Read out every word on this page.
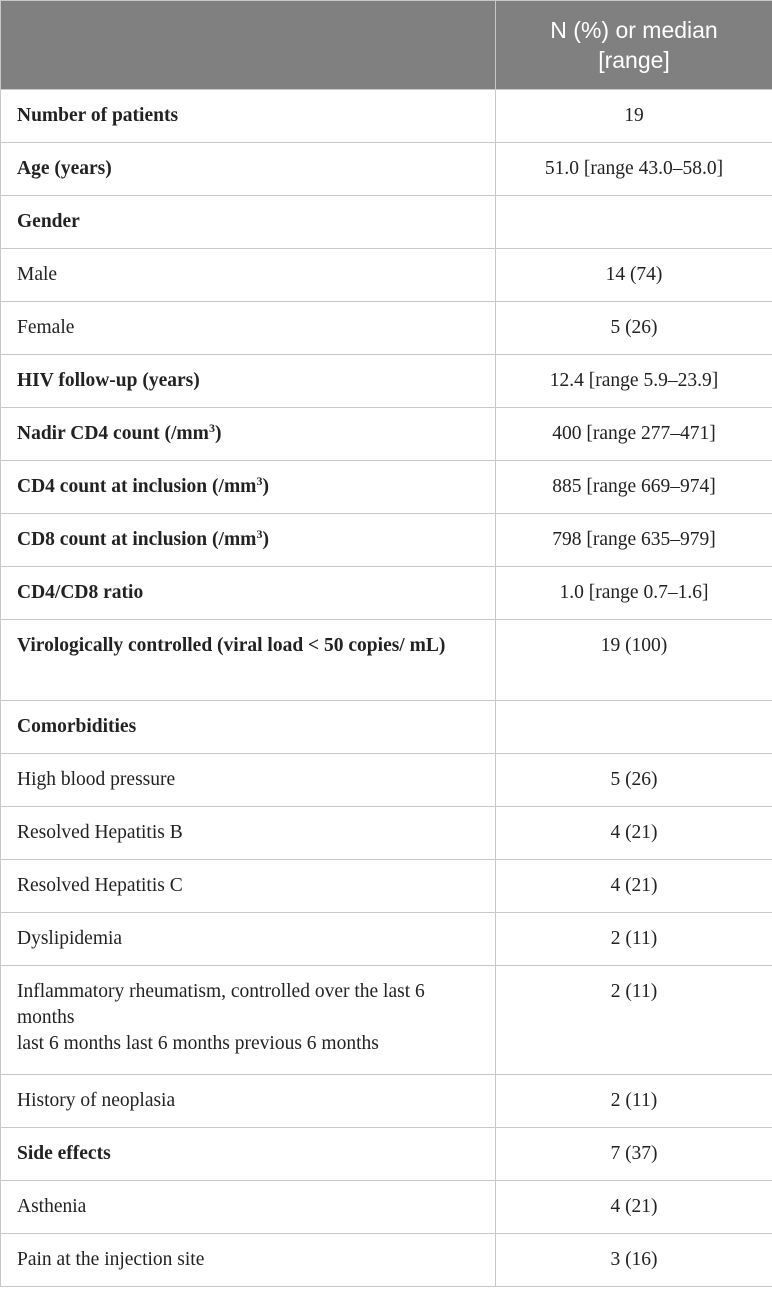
	N (%) or median
[range]
Number of patients	19
Age (years)	51.0 [range 43.0–58.0]
Gender	
Male	14 (74)
Female	5 (26)
HIV follow-up (years)	12.4 [range 5.9–23.9]
Nadir CD4 count $(/mm^3)$	400 [range 277–471]
CD4 count at inclusion $(/mm^3)$	885 [range 669–974]
CD8 count at inclusion $(/mm^3)$	798 [range 635–979]
CD4/CD8 ratio	1.0 [range 0.7–1.6]
Virologically controlled (viral load < 50 copies/ mL)	19 (100)
Comorbidities	
High blood pressure	5 (26)
Resolved Hepatitis B	4 (21)
Resolved Hepatitis C	4 (21)
Dyslipidemia	2 (11)
Inflammatory rheumatism, controlled over the last 6 months
last 6 months last 6 months previous 6 months	2 (11)
History of neoplasia	2 (11)
Side effects	7 (37)
Asthenia	4 (21)
Pain at the injection site	3 (16)
